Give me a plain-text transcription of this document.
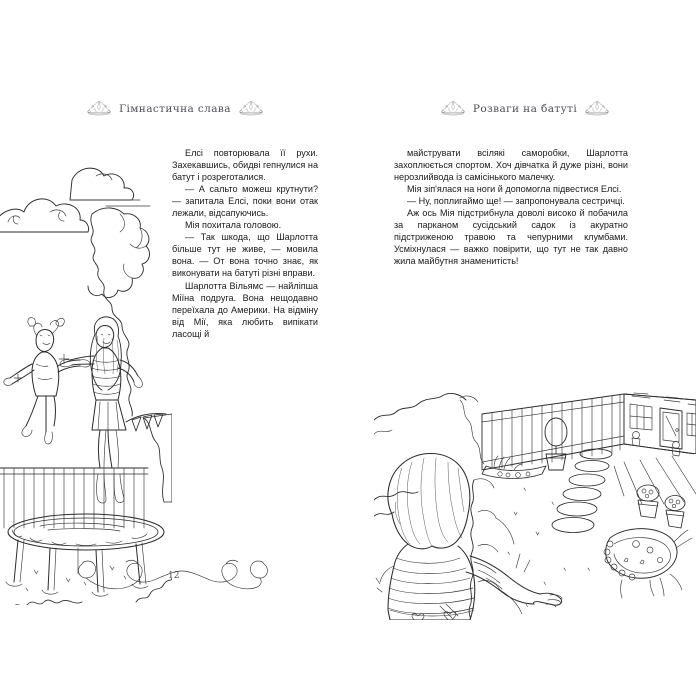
Гімнастична слава

Елсі повторювала її рухи. Захекавшись, обидві гепнулися на батут і розреготалися.

— А сальто можеш крутнути? — запитала Елсі, поки вони отак лежали, відсапуючись.

Мія похитала головою.

— Так шкода, що Шарлотта більше тут не живе, — мовила вона. — От вона точно знає, як виконувати на батуті різні вправи.

Шарлотта Вільямс — найліпша Міїна подруга. Вона нещодавно переїхала до Америки. На відміну від Мії, яка любить випікати ласощі й

12
Розваги на батуті

майструвати всілякі саморобки, Шарлотта захоплюється спортом. Хоч дівчатка й дуже різні, вони нерозлийвода із самісінького малечку.

Мія зіп'ялася на ноги й допомогла підвестися Елсі.

— Ну, поплигаймо ще! — запропонувала сестричці.

Аж ось Мія підстрибнула доволі високо й побачила за парканом сусідський садок із акуратно підстриженою травою та чепурними клумбами. Усміхнулася — важко повірити, що тут не так давно жила майбутня знаменитість!
